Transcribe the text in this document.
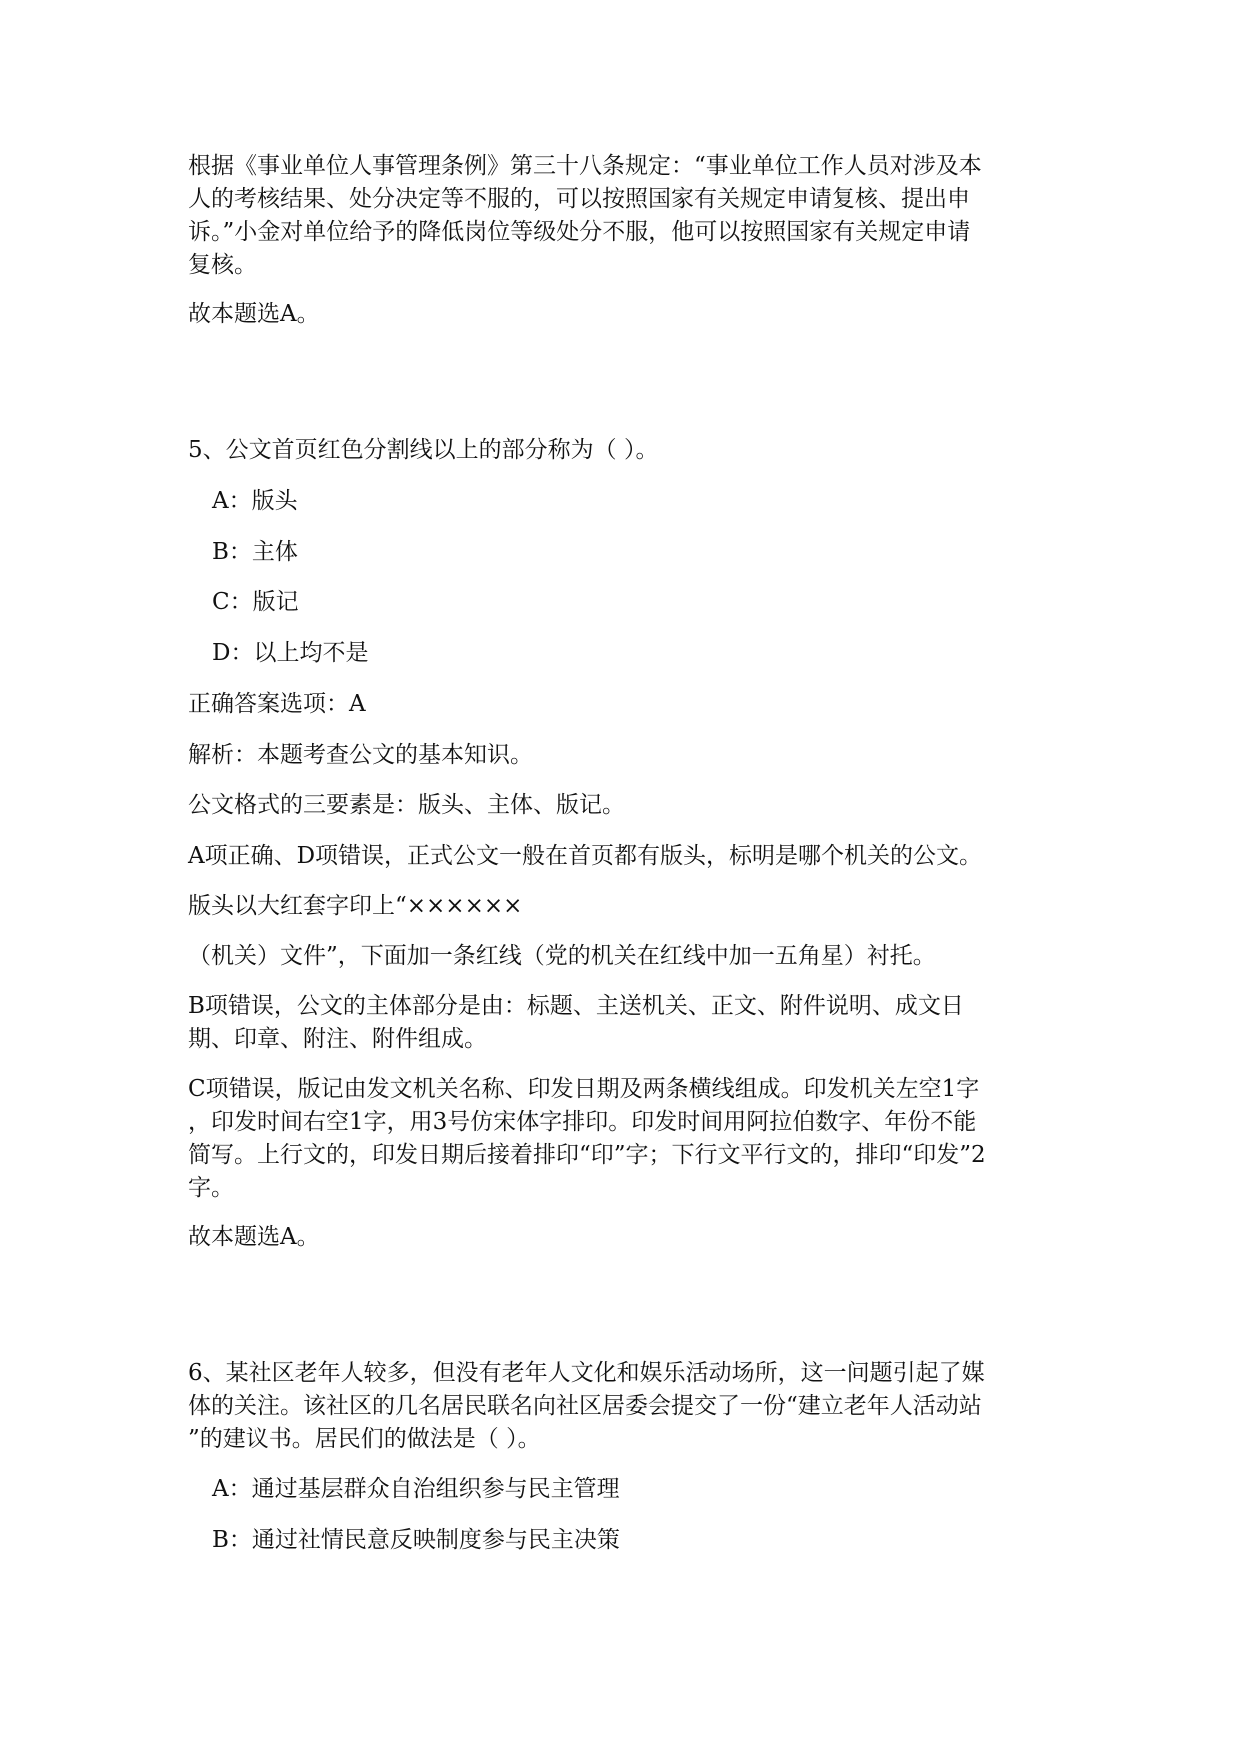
根据《事业单位人事管理条例》第三十八条规定：“事业单位工作人员对涉及本
人的考核结果、处分决定等不服的，可以按照国家有关规定申请复核、提出申
诉。”小金对单位给予的降低岗位等级处分不服，他可以按照国家有关规定申请
复核。

故本题选A。

5、公文首页红色分割线以上的部分称为（ ）。

A：版头

B：主体

C：版记

D：以上均不是

正确答案选项：A

解析：本题考查公文的基本知识。

公文格式的三要素是：版头、主体、版记。

A项正确、D项错误，正式公文一般在首页都有版头，标明是哪个机关的公文。

版头以大红套字印上“××××××

（机关）文件”，下面加一条红线（党的机关在红线中加一五角星）衬托。

B项错误，公文的主体部分是由：标题、主送机关、正文、附件说明、成文日
期、印章、附注、附件组成。
C项错误，版记由发文机关名称、印发日期及两条横线组成。印发机关左空1字
，印发时间右空1字，用3号仿宋体字排印。印发时间用阿拉伯数字、年份不能
简写。上行文的，印发日期后接着排印“印”字；下行文平行文的，排印“印发”2
字。

故本题选A。

6、某社区老年人较多，但没有老年人文化和娱乐活动场所，这一问题引起了媒
体的关注。该社区的几名居民联名向社区居委会提交了一份“建立老年人活动站
”的建议书。居民们的做法是（ ）。

A：通过基层群众自治组织参与民主管理

B：通过社情民意反映制度参与民主决策
